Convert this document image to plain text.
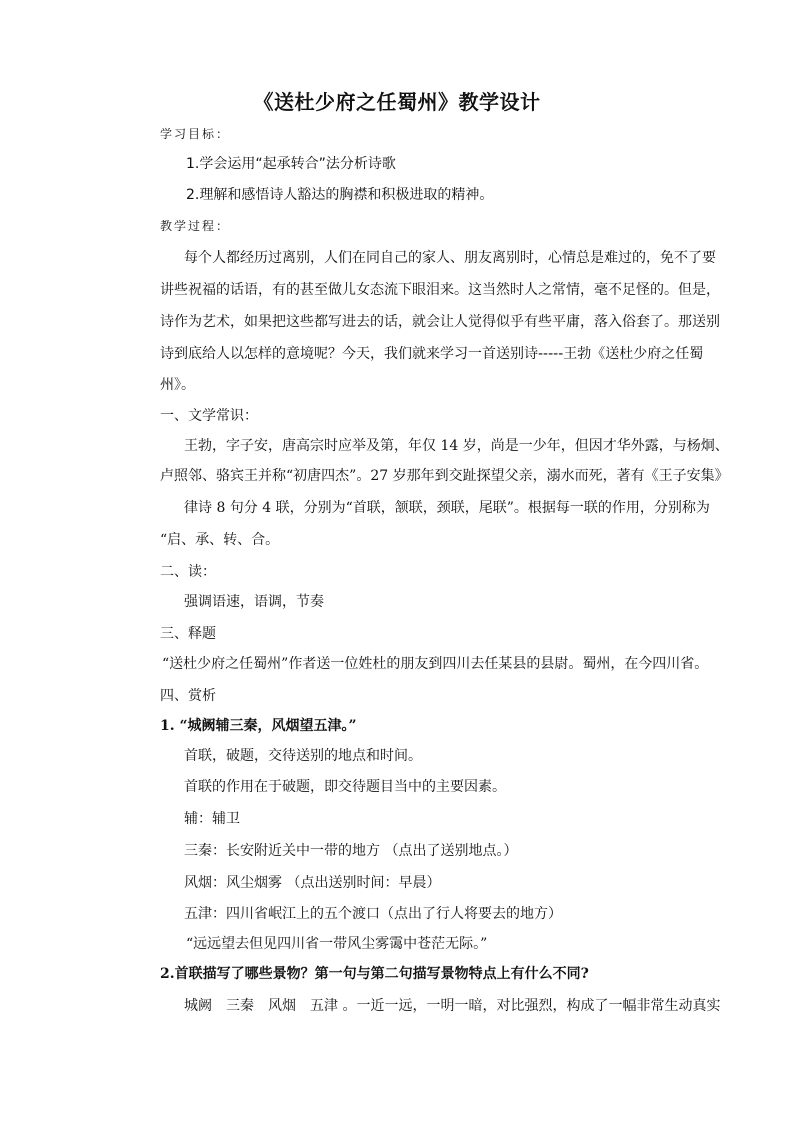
《送杜少府之任蜀州》教学设计
学习目标：
1.学会运用“起承转合”法分析诗歌
2.理解和感悟诗人豁达的胸襟和积极进取的精神。
教学过程：
每个人都经历过离别，人们在同自己的家人、朋友离别时，心情总是难过的，免不了要
讲些祝福的话语，有的甚至做儿女态流下眼泪来。这当然时人之常情，毫不足怪的。但是，
诗作为艺术，如果把这些都写进去的话，就会让人觉得似乎有些平庸，落入俗套了。那送别
诗到底给人以怎样的意境呢？今天，我们就来学习一首送别诗-----王勃《送杜少府之任蜀
州》。
一、文学常识：
王勃，字子安，唐高宗时应举及第，年仅 14 岁，尚是一少年，但因才华外露，与杨炯、
卢照邻、骆宾王并称“初唐四杰”。27 岁那年到交趾探望父亲，溺水而死，著有《王子安集》
律诗 8 句分 4 联，分别为“首联，颔联，颈联，尾联”。根据每一联的作用，分别称为
“启、承、转、合。
二、读：
强调语速，语调，节奏
三、释题
“送杜少府之任蜀州”作者送一位姓杜的朋友到四川去任某县的县尉。蜀州，在今四川省。
四、赏析
1. “城阙辅三秦，风烟望五津。”
首联，破题，交待送别的地点和时间。
首联的作用在于破题，即交待题目当中的主要因素。
辅：辅卫
三秦：长安附近关中一带的地方 （点出了送别地点。）
风烟：风尘烟雾 （点出送别时间：早晨）
五津：四川省岷江上的五个渡口（点出了行人将要去的地方）
“远远望去但见四川省一带风尘雾霭中苍茫无际。”
2.首联描写了哪些景物？第一句与第二句描写景物特点上有什么不同?
城阙　三秦　风烟　五津 。一近一远，一明一暗，对比强烈，构成了一幅非常生动真实
